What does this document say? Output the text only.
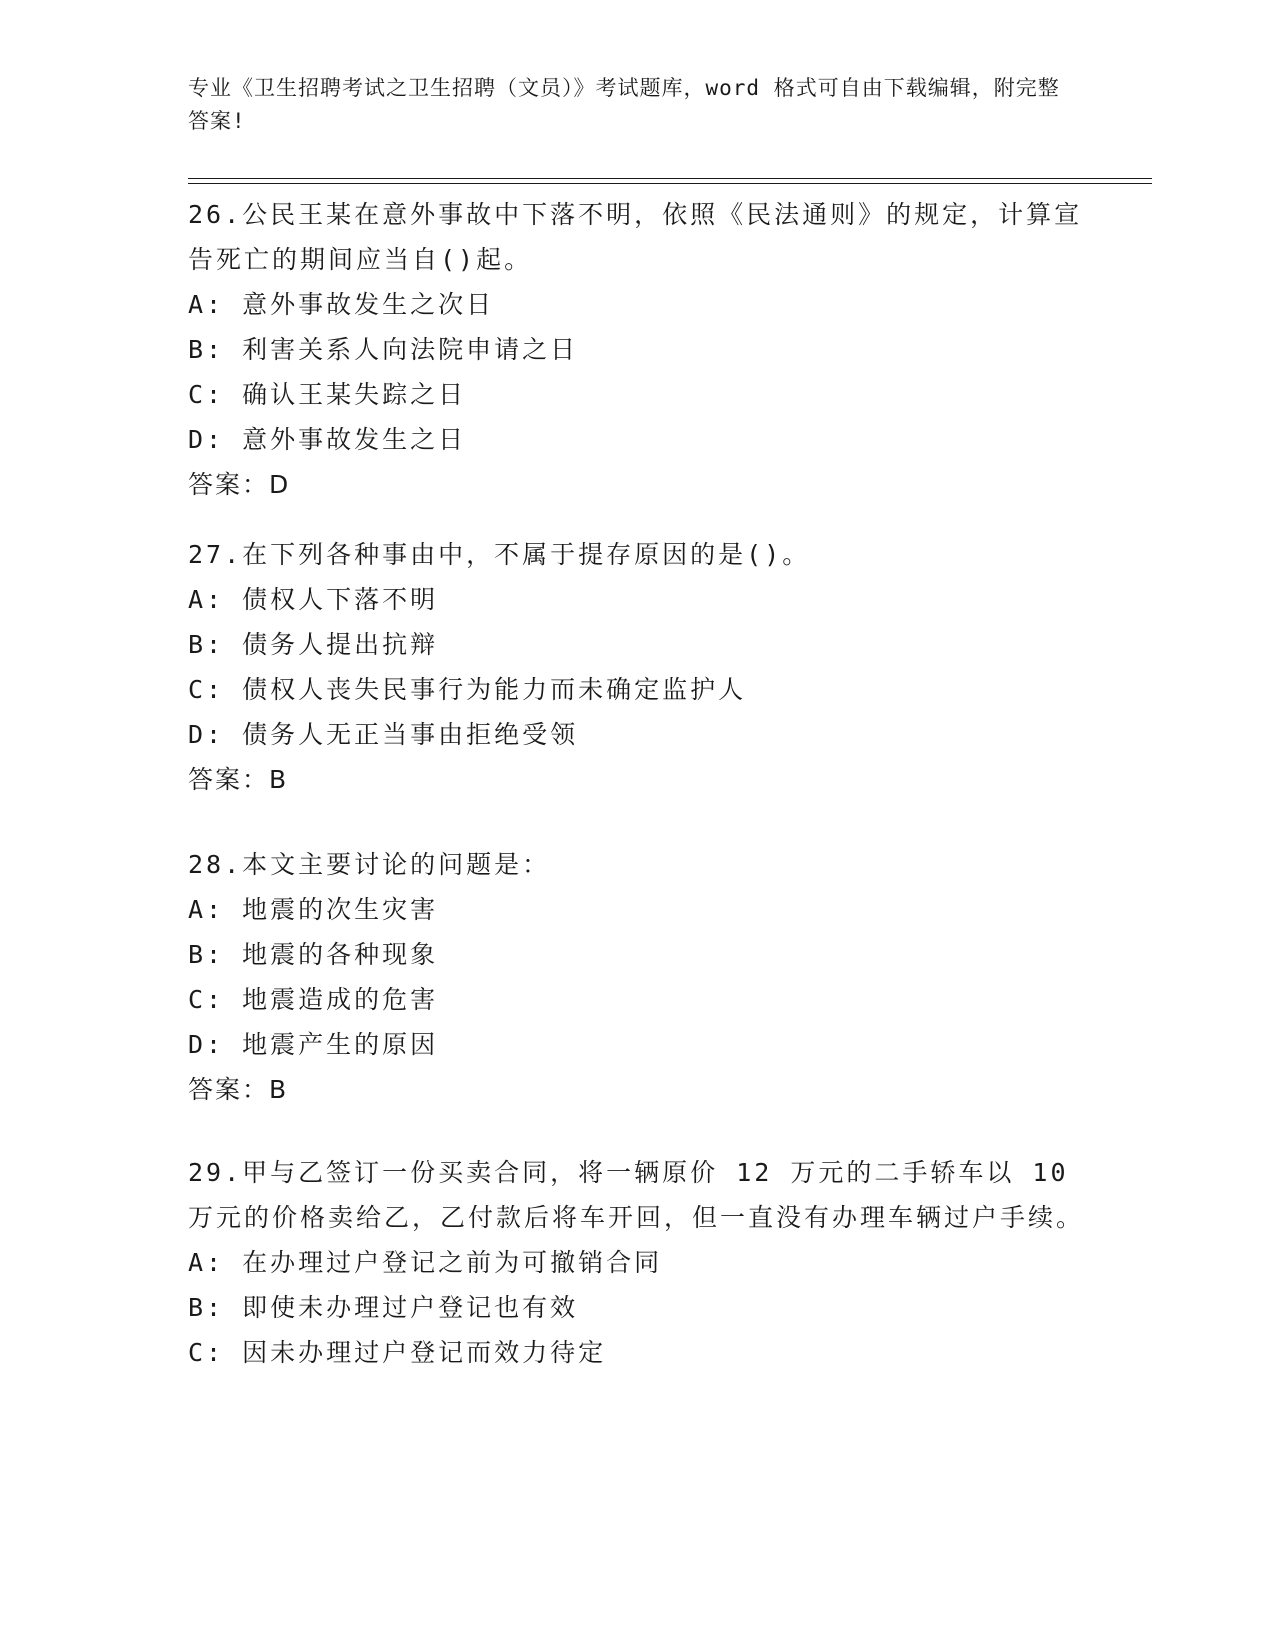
专业《卫生招聘考试之卫生招聘（文员）》考试题库，word 格式可自由下载编辑，附完整答案!

26.公民王某在意外事故中下落不明，依照《民法通则》的规定，计算宣告死亡的期间应当自()起。

A: 意外事故发生之次日

B: 利害关系人向法院申请之日

C: 确认王某失踪之日

D: 意外事故发生之日

答案：D

27.在下列各种事由中，不属于提存原因的是()。

A: 债权人下落不明

B: 债务人提出抗辩

C: 债权人丧失民事行为能力而未确定监护人

D: 债务人无正当事由拒绝受领

答案：B

28.本文主要讨论的问题是：

A: 地震的次生灾害

B: 地震的各种现象

C: 地震造成的危害

D: 地震产生的原因

答案：B

29.甲与乙签订一份买卖合同，将一辆原价 12 万元的二手轿车以 10 万元的价格卖给乙，乙付款后将车开回，但一直没有办理车辆过户手续。

A: 在办理过户登记之前为可撤销合同

B: 即使未办理过户登记也有效

C: 因未办理过户登记而效力待定
